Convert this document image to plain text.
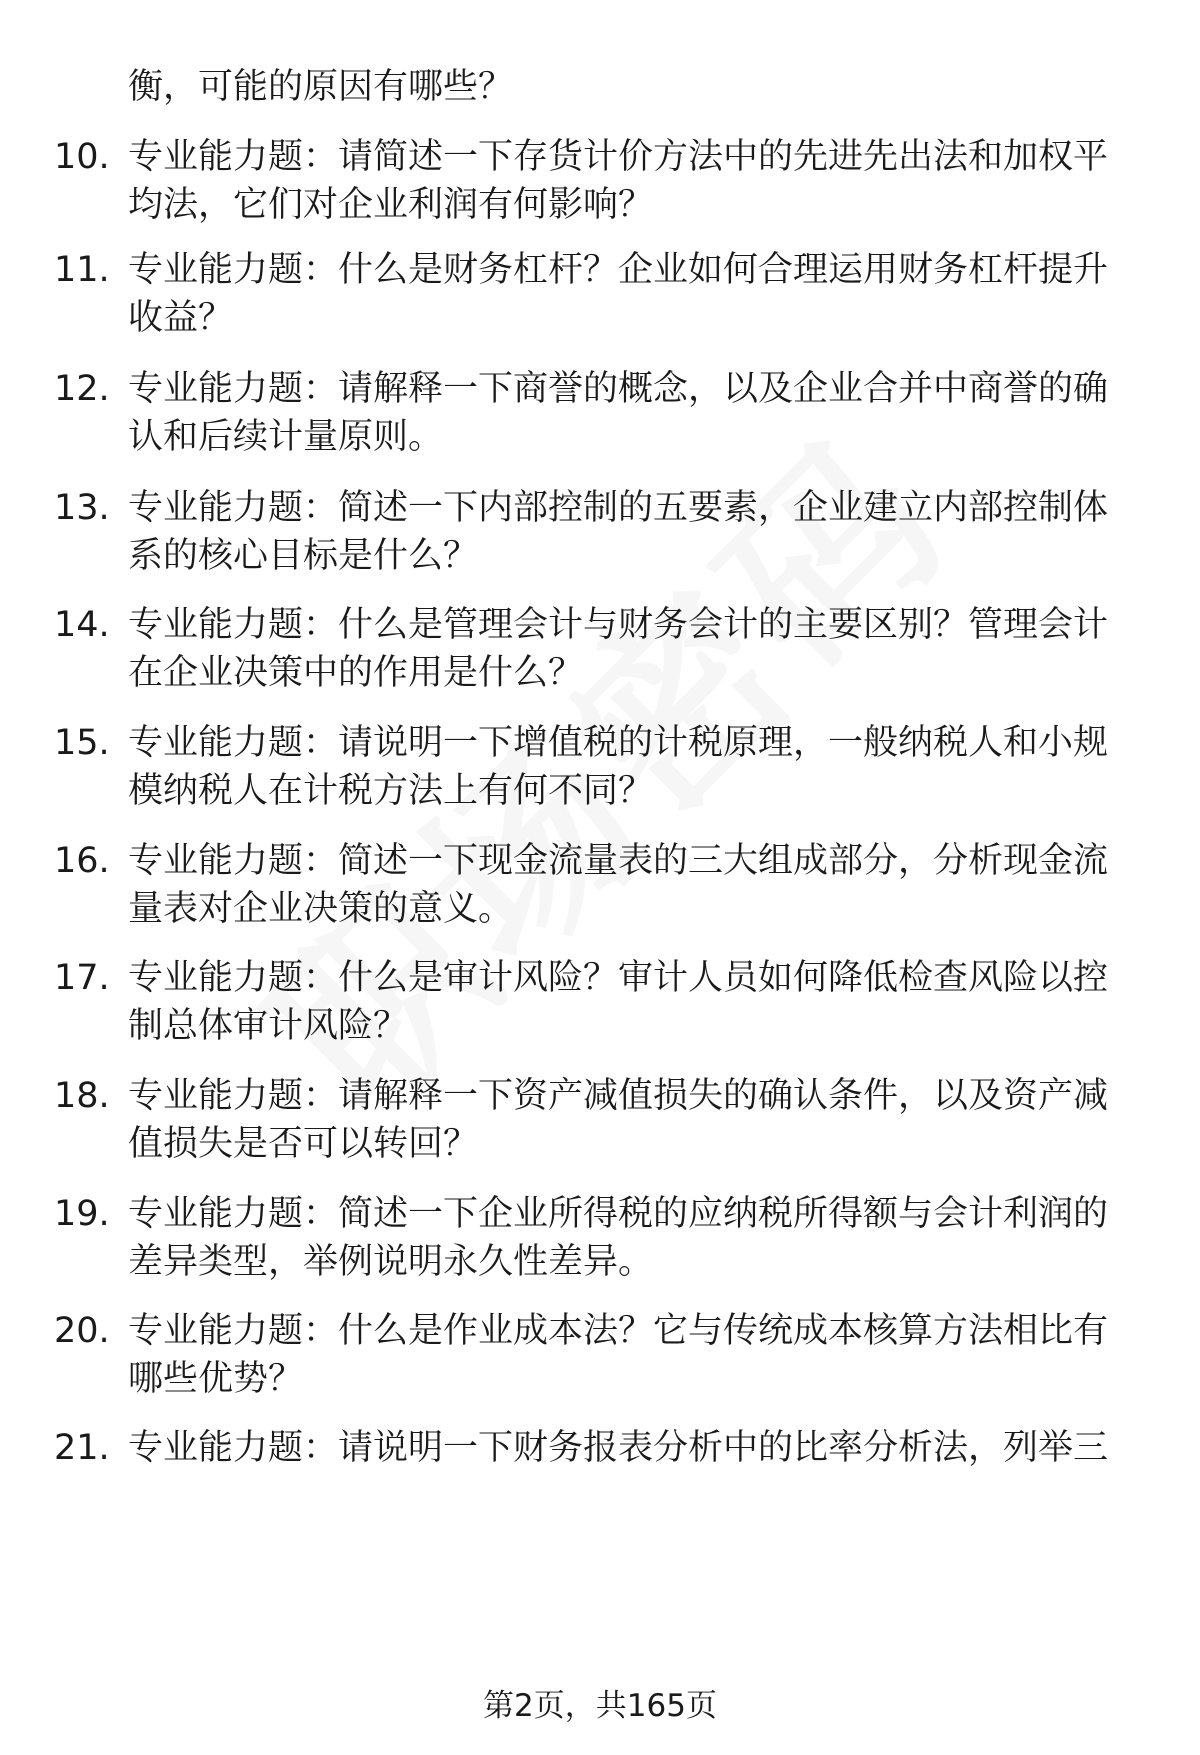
衡，可能的原因有哪些？
10. 专业能力题：请简述一下存货计价方法中的先进先出法和加权平
均法，它们对企业利润有何影响？
11. 专业能力题：什么是财务杠杆？企业如何合理运用财务杠杆提升
收益？
12. 专业能力题：请解释一下商誉的概念，以及企业合并中商誉的确
认和后续计量原则。
13. 专业能力题：简述一下内部控制的五要素，企业建立内部控制体
系的核心目标是什么？
14. 专业能力题：什么是管理会计与财务会计的主要区别？管理会计
在企业决策中的作用是什么？
15. 专业能力题：请说明一下增值税的计税原理，一般纳税人和小规
模纳税人在计税方法上有何不同？
16. 专业能力题：简述一下现金流量表的三大组成部分，分析现金流
量表对企业决策的意义。
17. 专业能力题：什么是审计风险？审计人员如何降低检查风险以控
制总体审计风险？
18. 专业能力题：请解释一下资产减值损失的确认条件，以及资产减
值损失是否可以转回？
19. 专业能力题：简述一下企业所得税的应纳税所得额与会计利润的
差异类型，举例说明永久性差异。
20. 专业能力题：什么是作业成本法？它与传统成本核算方法相比有
哪些优势？
21. 专业能力题：请说明一下财务报表分析中的比率分析法，列举三
第2页，共165页
